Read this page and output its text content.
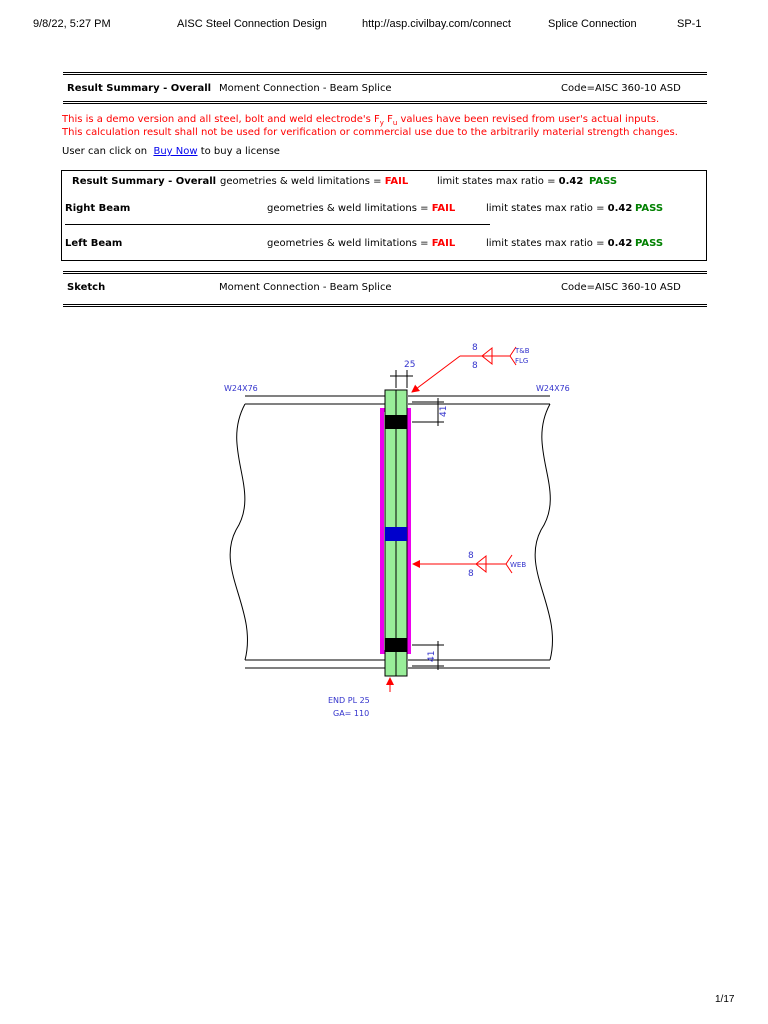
9/8/22, 5:27 PM	AISC Steel Connection Design	http://asp.civilbay.com/connect	Splice Connection	SP-1
Result Summary - Overall Moment Connection - Beam Splice	Code=AISC 360-10 ASD
This is a demo version and all steel, bolt and weld electrode's $F_y$ $F_u$ values have been revised from user's actual inputs.
This calculation result shall not be used for verification or commercial use due to the arbitrarily material strength changes.
User can click on Buy Now to buy a license
Result Summary - Overall geometries & weld limitations = FAIL	limit states max ratio = 0.42 PASS
Right Beam	geometries & weld limitations = FAIL	limit states max ratio = 0.42 PASS
Left Beam	geometries & weld limitations = FAIL	limit states max ratio = 0.42 PASS
Sketch	Moment Connection - Beam Splice	Code=AISC 360-10 ASD
25
41
41
8
8
T&B
FLG
8
8
WEB
END PL 25
GA= 110
W24X76	W24X76
1/17
